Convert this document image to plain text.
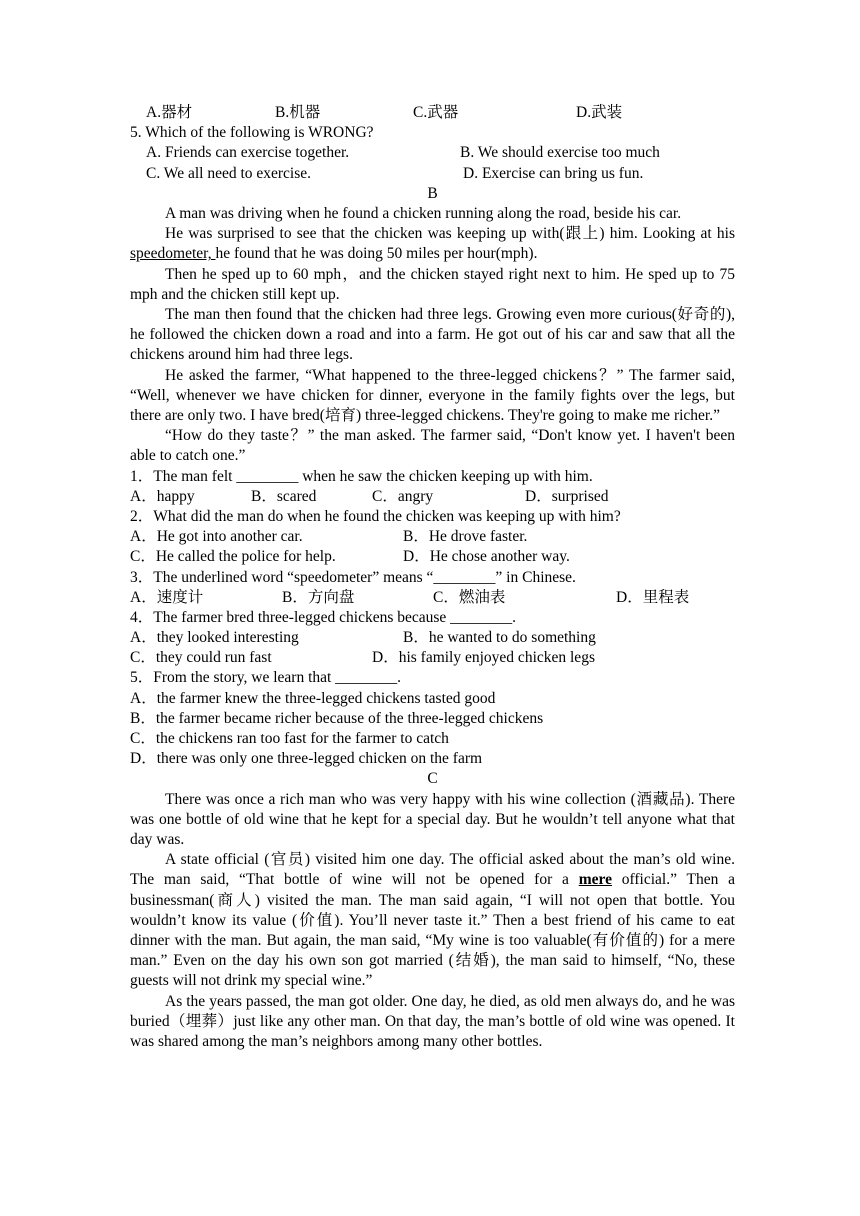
A.器材	B.机器	C.武器	D.武装
5. Which of the following is WRONG?
A. Friends can exercise together.	B. We should exercise too much
C. We all need to exercise.	D. Exercise can bring us fun.
B
A man was driving when he found a chicken running along the road, beside his car.
He was surprised to see that the chicken was keeping up with(跟上) him. Looking at his speedometer, he found that he was doing 50 miles per hour(mph).
Then he sped up to 60 mph，and the chicken stayed right next to him. He sped up to 75 mph and the chicken still kept up.
The man then found that the chicken had three legs. Growing even more curious(好奇的), he followed the chicken down a road and into a farm. He got out of his car and saw that all the chickens around him had three legs.
He asked the farmer, “What happened to the three-legged chickens？” The farmer said, “Well, whenever we have chicken for dinner, everyone in the family fights over the legs, but there are only two. I have bred(培育) three-legged chickens. They're going to make me richer.”
“How do they taste？” the man asked. The farmer said, “Don't know yet. I haven't been able to catch one.”
1．The man felt ________ when he saw the chicken keeping up with him.
A．happy	B．scared	C．angry	D．surprised
2．What did the man do when he found the chicken was keeping up with him?
A．He got into another car.	B．He drove faster.
C．He called the police for help.	D．He chose another way.
3．The underlined word “speedometer” means “________” in Chinese.
A．速度计	B．方向盘	C．燃油表	D．里程表
4．The farmer bred three-legged chickens because ________.
A．they looked interesting	B．he wanted to do something
C．they could run fast	D．his family enjoyed chicken legs
5．From the story, we learn that ________.
A．the farmer knew the three-legged chickens tasted good
B．the farmer became richer because of the three-legged chickens
C．the chickens ran too fast for the farmer to catch
D．there was only one three-legged chicken on the farm
C
There was once a rich man who was very happy with his wine collection (酒藏品). There was one bottle of old wine that he kept for a special day. But he wouldn’t tell anyone what that day was.
A state official (官员) visited him one day. The official asked about the man’s old wine. The man said, “That bottle of wine will not be opened for a mere official.” Then a businessman(商人) visited the man. The man said again, “I will not open that bottle. You wouldn’t know its value (价值). You’ll never taste it.” Then a best friend of his came to eat dinner with the man. But again, the man said, “My wine is too valuable(有价值的) for a mere man.” Even on the day his own son got married (结婚), the man said to himself, “No, these guests will not drink my special wine.”
As the years passed, the man got older. One day, he died, as old men always do, and he was buried（埋葬）just like any other man. On that day, the man’s bottle of old wine was opened. It was shared among the man’s neighbors among many other bottles.
